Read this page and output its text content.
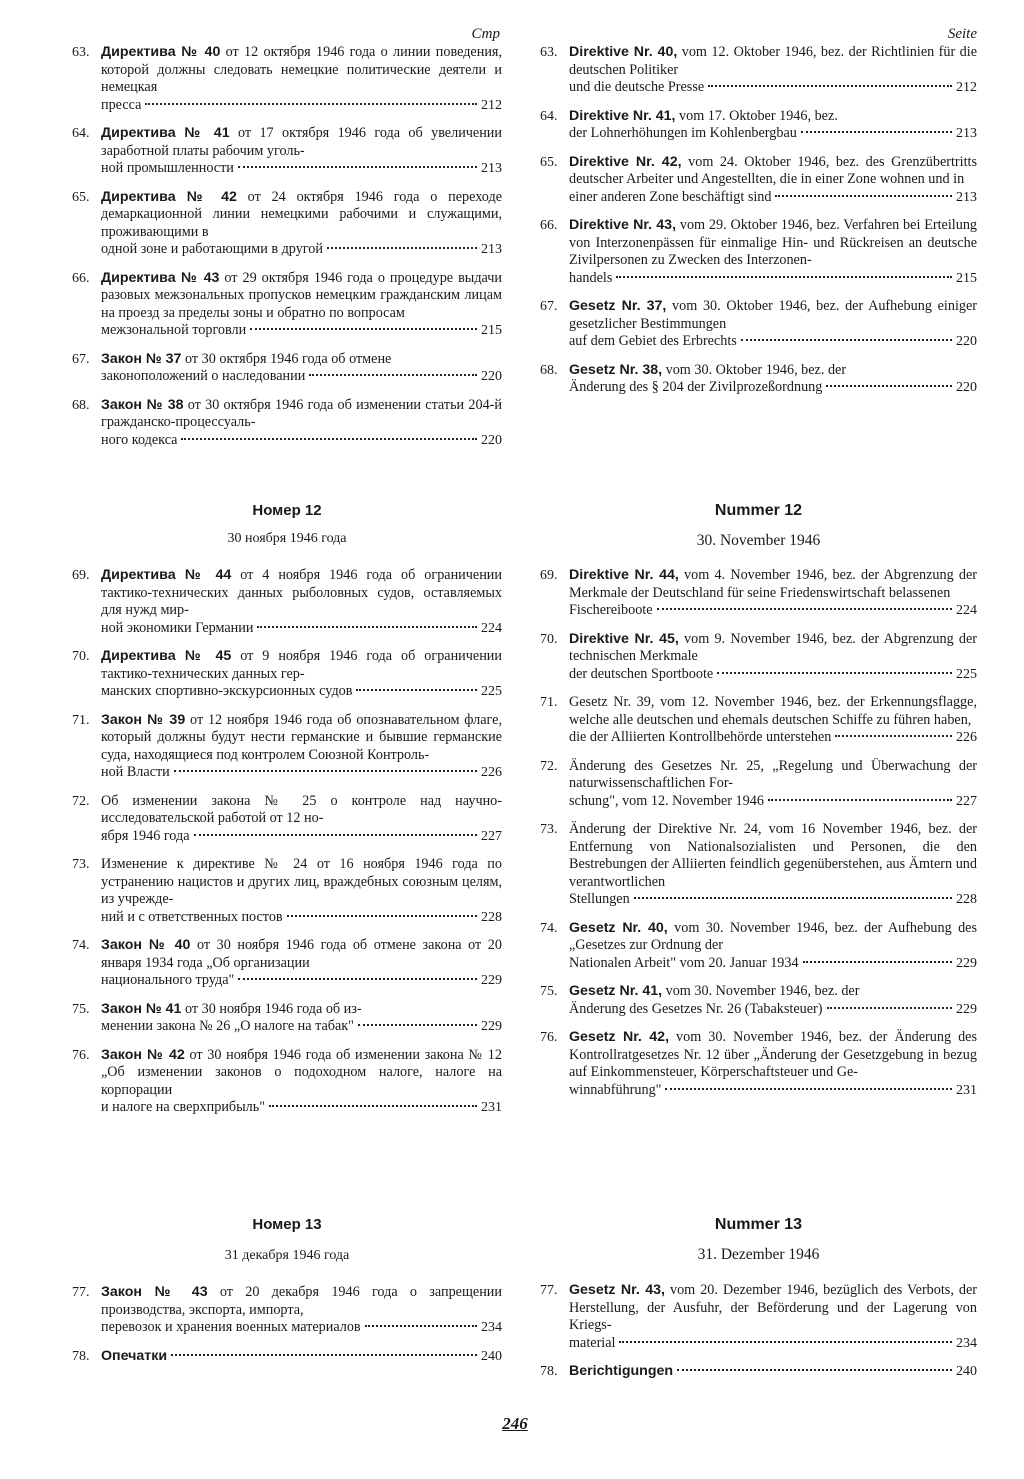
Стр
63. Директива № 40 от 12 октября 1946 года о линии поведения, которой должны следовать немецкие политические деятели и немецкая
пресса	212
64. Директива № 41 от 17 октября 1946 года об увеличении заработной платы рабочим уголь-
ной промышленности	213
65. Директива № 42 от 24 октября 1946 года о переходе демаркационной линии немецкими рабочими и служащими, проживающими в
одной зоне и работающими в другой	213
66. Директива № 43 от 29 октября 1946 года о процедуре выдачи разовых межзональных пропусков немецким гражданским лицам на проезд за пределы зоны и обратно по вопросам
межзональной торговли	215
67. Закон № 37 от 30 октября 1946 года об отмене
законоположений о наследовании	220
68. Закон № 38 от 30 октября 1946 года об изменении статьи 204-й гражданско-процессуаль-
ного кодекса	220
Номер 12
30 ноября 1946 года
69. Директива № 44 от 4 ноября 1946 года об ограничении тактико-технических данных рыболовных судов, оставляемых для нужд мир-
ной экономики Германии	224
70. Директива № 45 от 9 ноября 1946 года об ограничении тактико-технических данных гер-
манских спортивно-экскурсионных судов	225
71. Закон № 39 от 12 ноября 1946 года об опознавательном флаге, который должны будут нести германские и бывшие германские суда, находящиеся под контролем Союзной Контроль-
ной Власти	226
72. Об изменении закона № 25 о контроле над научно-исследовательской работой от 12 но-
ября 1946 года	227
73. Изменение к директиве № 24 от 16 ноября 1946 года по устранению нацистов и других лиц, враждебных союзным целям, из учрежде-
ний и с ответственных постов	228
74. Закон № 40 от 30 ноября 1946 года об отмене закона от 20 января 1934 года „Об организации
национального труда"	229
75. Закон № 41 от 30 ноября 1946 года об из-
менении закона № 26 „О налоге на табак"	229
76. Закон № 42 от 30 ноября 1946 года об изменении закона № 12 „Об изменении законов о подоходном налоге, налоге на корпорации
и налоге на сверхприбыль"	231
Номер 13
31 декабря 1946 года
77. Закон № 43 от 20 декабря 1946 года о запрещении производства, экспорта, импорта,
перевозок и хранения военных материалов	234
78. Опечатки	240
Seite
63. Direktive Nr. 40, vom 12. Oktober 1946, bez. der Richtlinien für die deutschen Politiker
und die deutsche Presse	212
64. Direktive Nr. 41, vom 17. Oktober 1946, bez.
der Lohnerhöhungen im Kohlenbergbau	213
65. Direktive Nr. 42, vom 24. Oktober 1946, bez. des Grenzübertritts deutscher Arbeiter und Angestellten, die in einer Zone wohnen und in
einer anderen Zone beschäftigt sind	213
66. Direktive Nr. 43, vom 29. Oktober 1946, bez. Verfahren bei Erteilung von Interzonenpässen für einmalige Hin- und Rückreisen an deutsche Zivilpersonen zu Zwecken des Interzonen-
handels	215
67. Gesetz Nr. 37, vom 30. Oktober 1946, bez. der Aufhebung einiger gesetzlicher Bestimmungen
auf dem Gebiet des Erbrechts	220
68. Gesetz Nr. 38, vom 30. Oktober 1946, bez. der
Änderung des § 204 der Zivilprozeßordnung	220
Nummer 12
30. November 1946
69. Direktive Nr. 44, vom 4. November 1946, bez. der Abgrenzung der Merkmale der Deutschland für seine Friedenswirtschaft belassenen
Fischereiboote	224
70. Direktive Nr. 45, vom 9. November 1946, bez. der Abgrenzung der technischen Merkmale
der deutschen Sportboote	225
71. Gesetz Nr. 39, vom 12. November 1946, bez. der Erkennungsflagge, welche alle deutschen und ehemals deutschen Schiffe zu führen haben,
die der Alliierten Kontrollbehörde unterstehen	226
72. Änderung des Gesetzes Nr. 25, „Regelung und Überwachung der naturwissenschaftlichen For-
schung", vom 12. November 1946	227
73. Änderung der Direktive Nr. 24, vom 16 November 1946, bez. der Entfernung von Nationalsozialisten und Personen, die den Bestrebungen der Alliierten feindlich gegenüberstehen, aus Ämtern und verantwortlichen
Stellungen	228
74. Gesetz Nr. 40, vom 30. November 1946, bez. der Aufhebung des „Gesetzes zur Ordnung der
Nationalen Arbeit" vom 20. Januar 1934	229
75. Gesetz Nr. 41, vom 30. November 1946, bez. der
Änderung des Gesetzes Nr. 26 (Tabaksteuer)	229
76. Gesetz Nr. 42, vom 30. November 1946, bez. der Änderung des Kontrollratgesetzes Nr. 12 über „Änderung der Gesetzgebung in bezug auf Einkommensteuer, Körperschaftsteuer und Ge-
winnabführung"	231
Nummer 13
31. Dezember 1946
77. Gesetz Nr. 43, vom 20. Dezember 1946, bezüglich des Verbots, der Herstellung, der Ausfuhr, der Beförderung und der Lagerung von Kriegs-
material	234
78. Berichtigungen	240
246
